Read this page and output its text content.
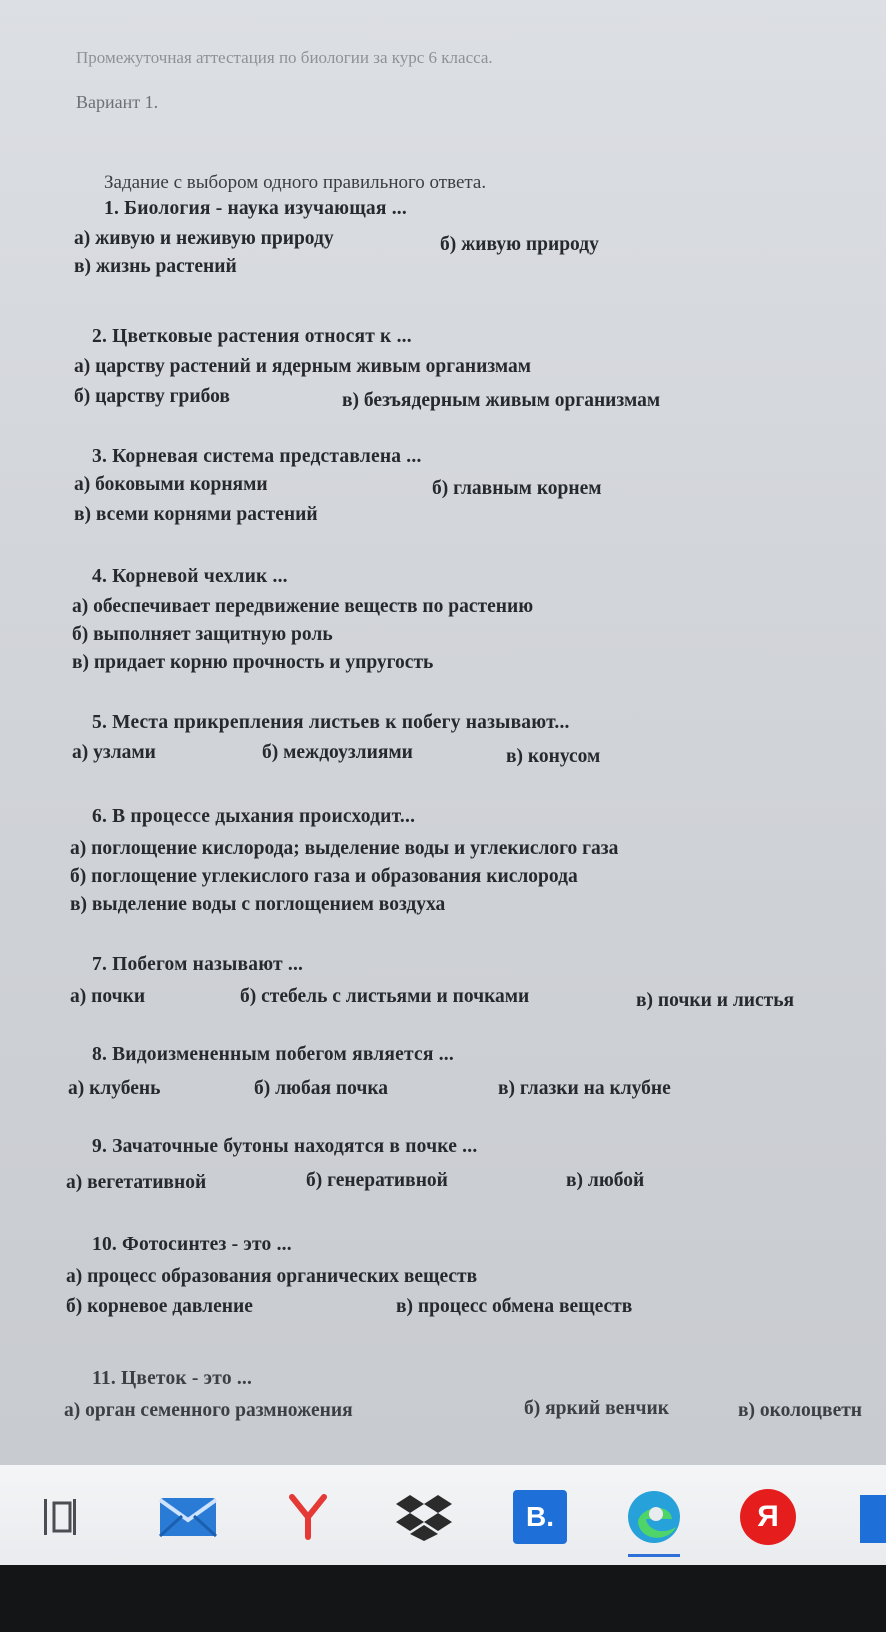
Промежуточная аттестация по биологии за курс 6 класса.
Вариант 1.
Задание с выбором одного правильного ответа.
1. Биология - наука изучающая ...
а) живую и неживую природу	б) живую природу
в) жизнь растений
2. Цветковые растения относят к ...
а) царству растений и ядерным живым организмам
б) царству грибов	в) безъядерным живым организмам
3. Корневая система представлена ...
а) боковыми корнями	б) главным корнем
в) всеми корнями растений
4. Корневой чехлик ...
а) обеспечивает передвижение веществ по растению
б) выполняет защитную роль
в) придает корню прочность и упругость
5. Места прикрепления листьев к побегу называют...
а) узлами	б) междоузлиями	в) конусом
6. В процессе дыхания происходит...
а) поглощение кислорода; выделение воды и углекислого газа
б) поглощение углекислого газа и образования кислорода
в) выделение воды с поглощением воздуха
7. Побегом называют ...
а) почки	б) стебель с листьями и почками	в) почки и листья
8. Видоизмененным побегом является ...
а) клубень	б) любая почка	в) глазки на клубне
9. Зачаточные бутоны находятся в почке ...
а) вегетативной	б) генеративной	в) любой
10. Фотосинтез - это ...
а) процесс образования органических веществ
б) корневое давление	в) процесс обмена веществ
11. Цветок - это ...
а) орган семенного размножения	б) яркий венчик	в) околоцветн
B.	Я
